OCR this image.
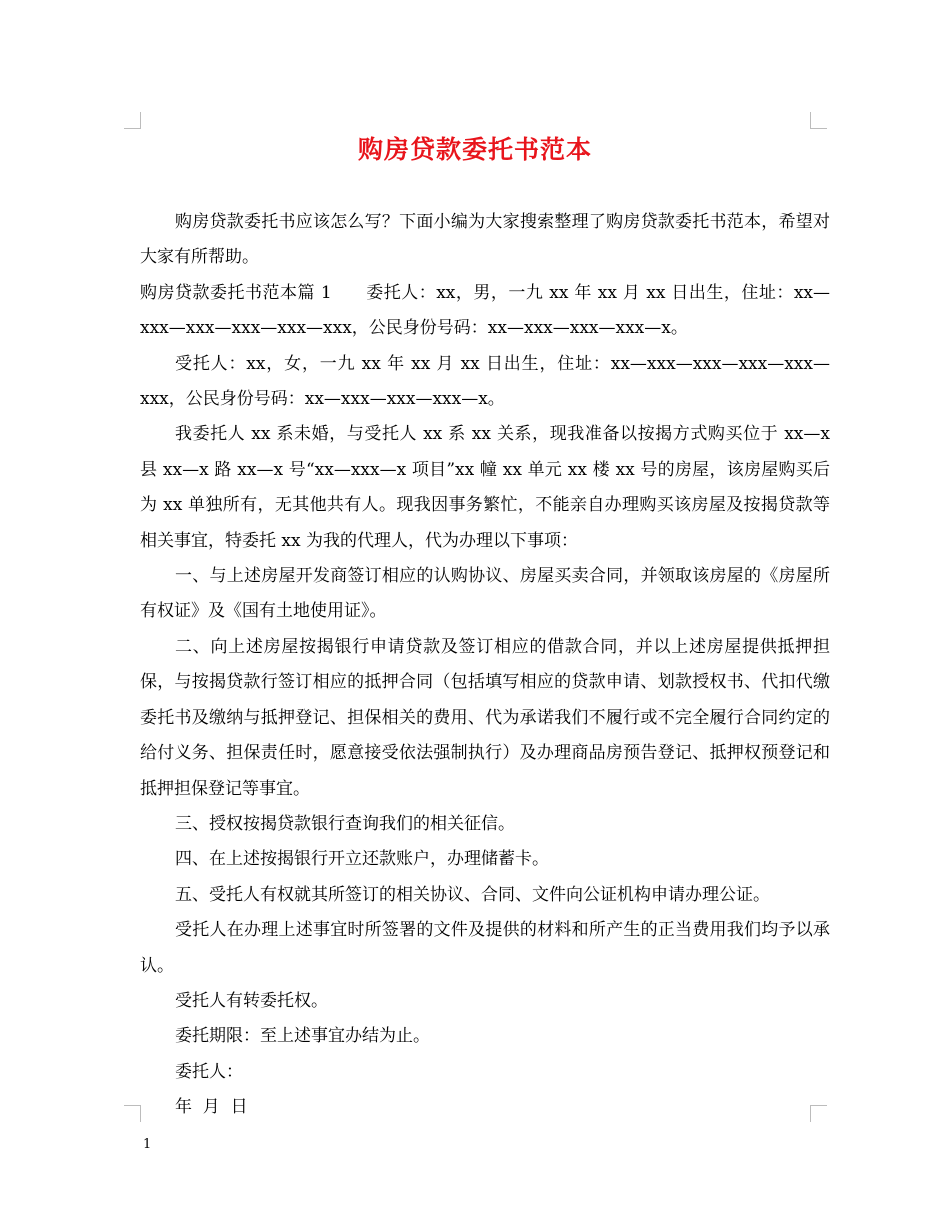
购房贷款委托书范本

购房贷款委托书应该怎么写？下面小编为大家搜索整理了购房贷款委托书范本，希望对大家有所帮助。

购房贷款委托书范本篇 1 委托人：xx，男，一九 xx 年 xx 月 xx 日出生，住址：xx—xxx—xxx—xxx—xxx—xxx，公民身份号码：xx—xxx—xxx—xxx—x。

受托人：xx，女，一九 xx 年 xx 月 xx 日出生，住址：xx—xxx—xxx—xxx—xxx—xxx，公民身份号码：xx—xxx—xxx—xxx—x。

我委托人 xx 系未婚，与受托人 xx 系 xx 关系，现我准备以按揭方式购买位于 xx—x 县 xx—x 路 xx—x 号“xx—xxx—x 项目”xx 幢 xx 单元 xx 楼 xx 号的房屋，该房屋购买后为 xx 单独所有，无其他共有人。现我因事务繁忙，不能亲自办理购买该房屋及按揭贷款等相关事宜，特委托 xx 为我的代理人，代为办理以下事项：

一、与上述房屋开发商签订相应的认购协议、房屋买卖合同，并领取该房屋的《房屋所有权证》及《国有土地使用证》。

二、向上述房屋按揭银行申请贷款及签订相应的借款合同，并以上述房屋提供抵押担保，与按揭贷款行签订相应的抵押合同（包括填写相应的贷款申请、划款授权书、代扣代缴委托书及缴纳与抵押登记、担保相关的费用、代为承诺我们不履行或不完全履行合同约定的给付义务、担保责任时，愿意接受依法强制执行）及办理商品房预告登记、抵押权预登记和抵押担保登记等事宜。

三、授权按揭贷款银行查询我们的相关征信。

四、在上述按揭银行开立还款账户，办理储蓄卡。

五、受托人有权就其所签订的相关协议、合同、文件向公证机构申请办理公证。

受托人在办理上述事宜时所签署的文件及提供的材料和所产生的正当费用我们均予以承认。

受托人有转委托权。

委托期限：至上述事宜办结为止。

委托人：

年  月  日

1
